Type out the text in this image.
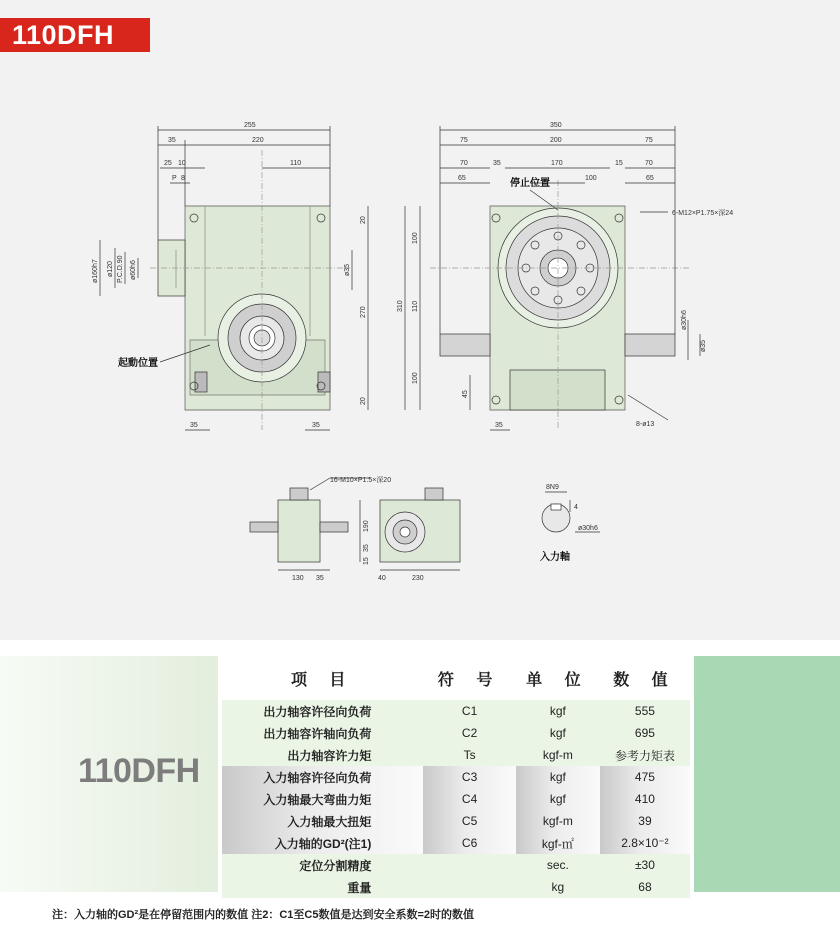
110DFH
255
35	220
25 10	110
P 8
ø160h7 ø120 P.C.D.90 ø60h6	ø35
20
270
20
35	35
起動位置
350
75	200	75
70	35	170	15	70
65	100	65
310
100
110
100
45
6-M12×P1.75×深24
ø30h6
ø35
8-ø13
35
停止位置
16-M10×P1.5×深20
130 35
190
35
15
40	230
8N9
4
ø30h6
入力軸
110DFH
项 目	符 号	单 位	数 值
出力轴容许径向负荷	C1	kgf	555
出力轴容许轴向负荷	C2	kgf	695
出力轴容许力矩	Ts	kgf-m	参考力矩表
入力轴容许径向负荷	C3	kgf	475
入力轴最大弯曲力矩	C4	kgf	410
入力轴最大扭矩	C5	kgf-m	39
入力轴的GD²(注1)	C6	kgf-㎡	2.8×10⁻²
定位分割精度		sec.	±30
重量		kg	68
注：入力轴的GD²是在停留范围内的数值 注2：C1至C5数值是达到安全系数=2时的数值
